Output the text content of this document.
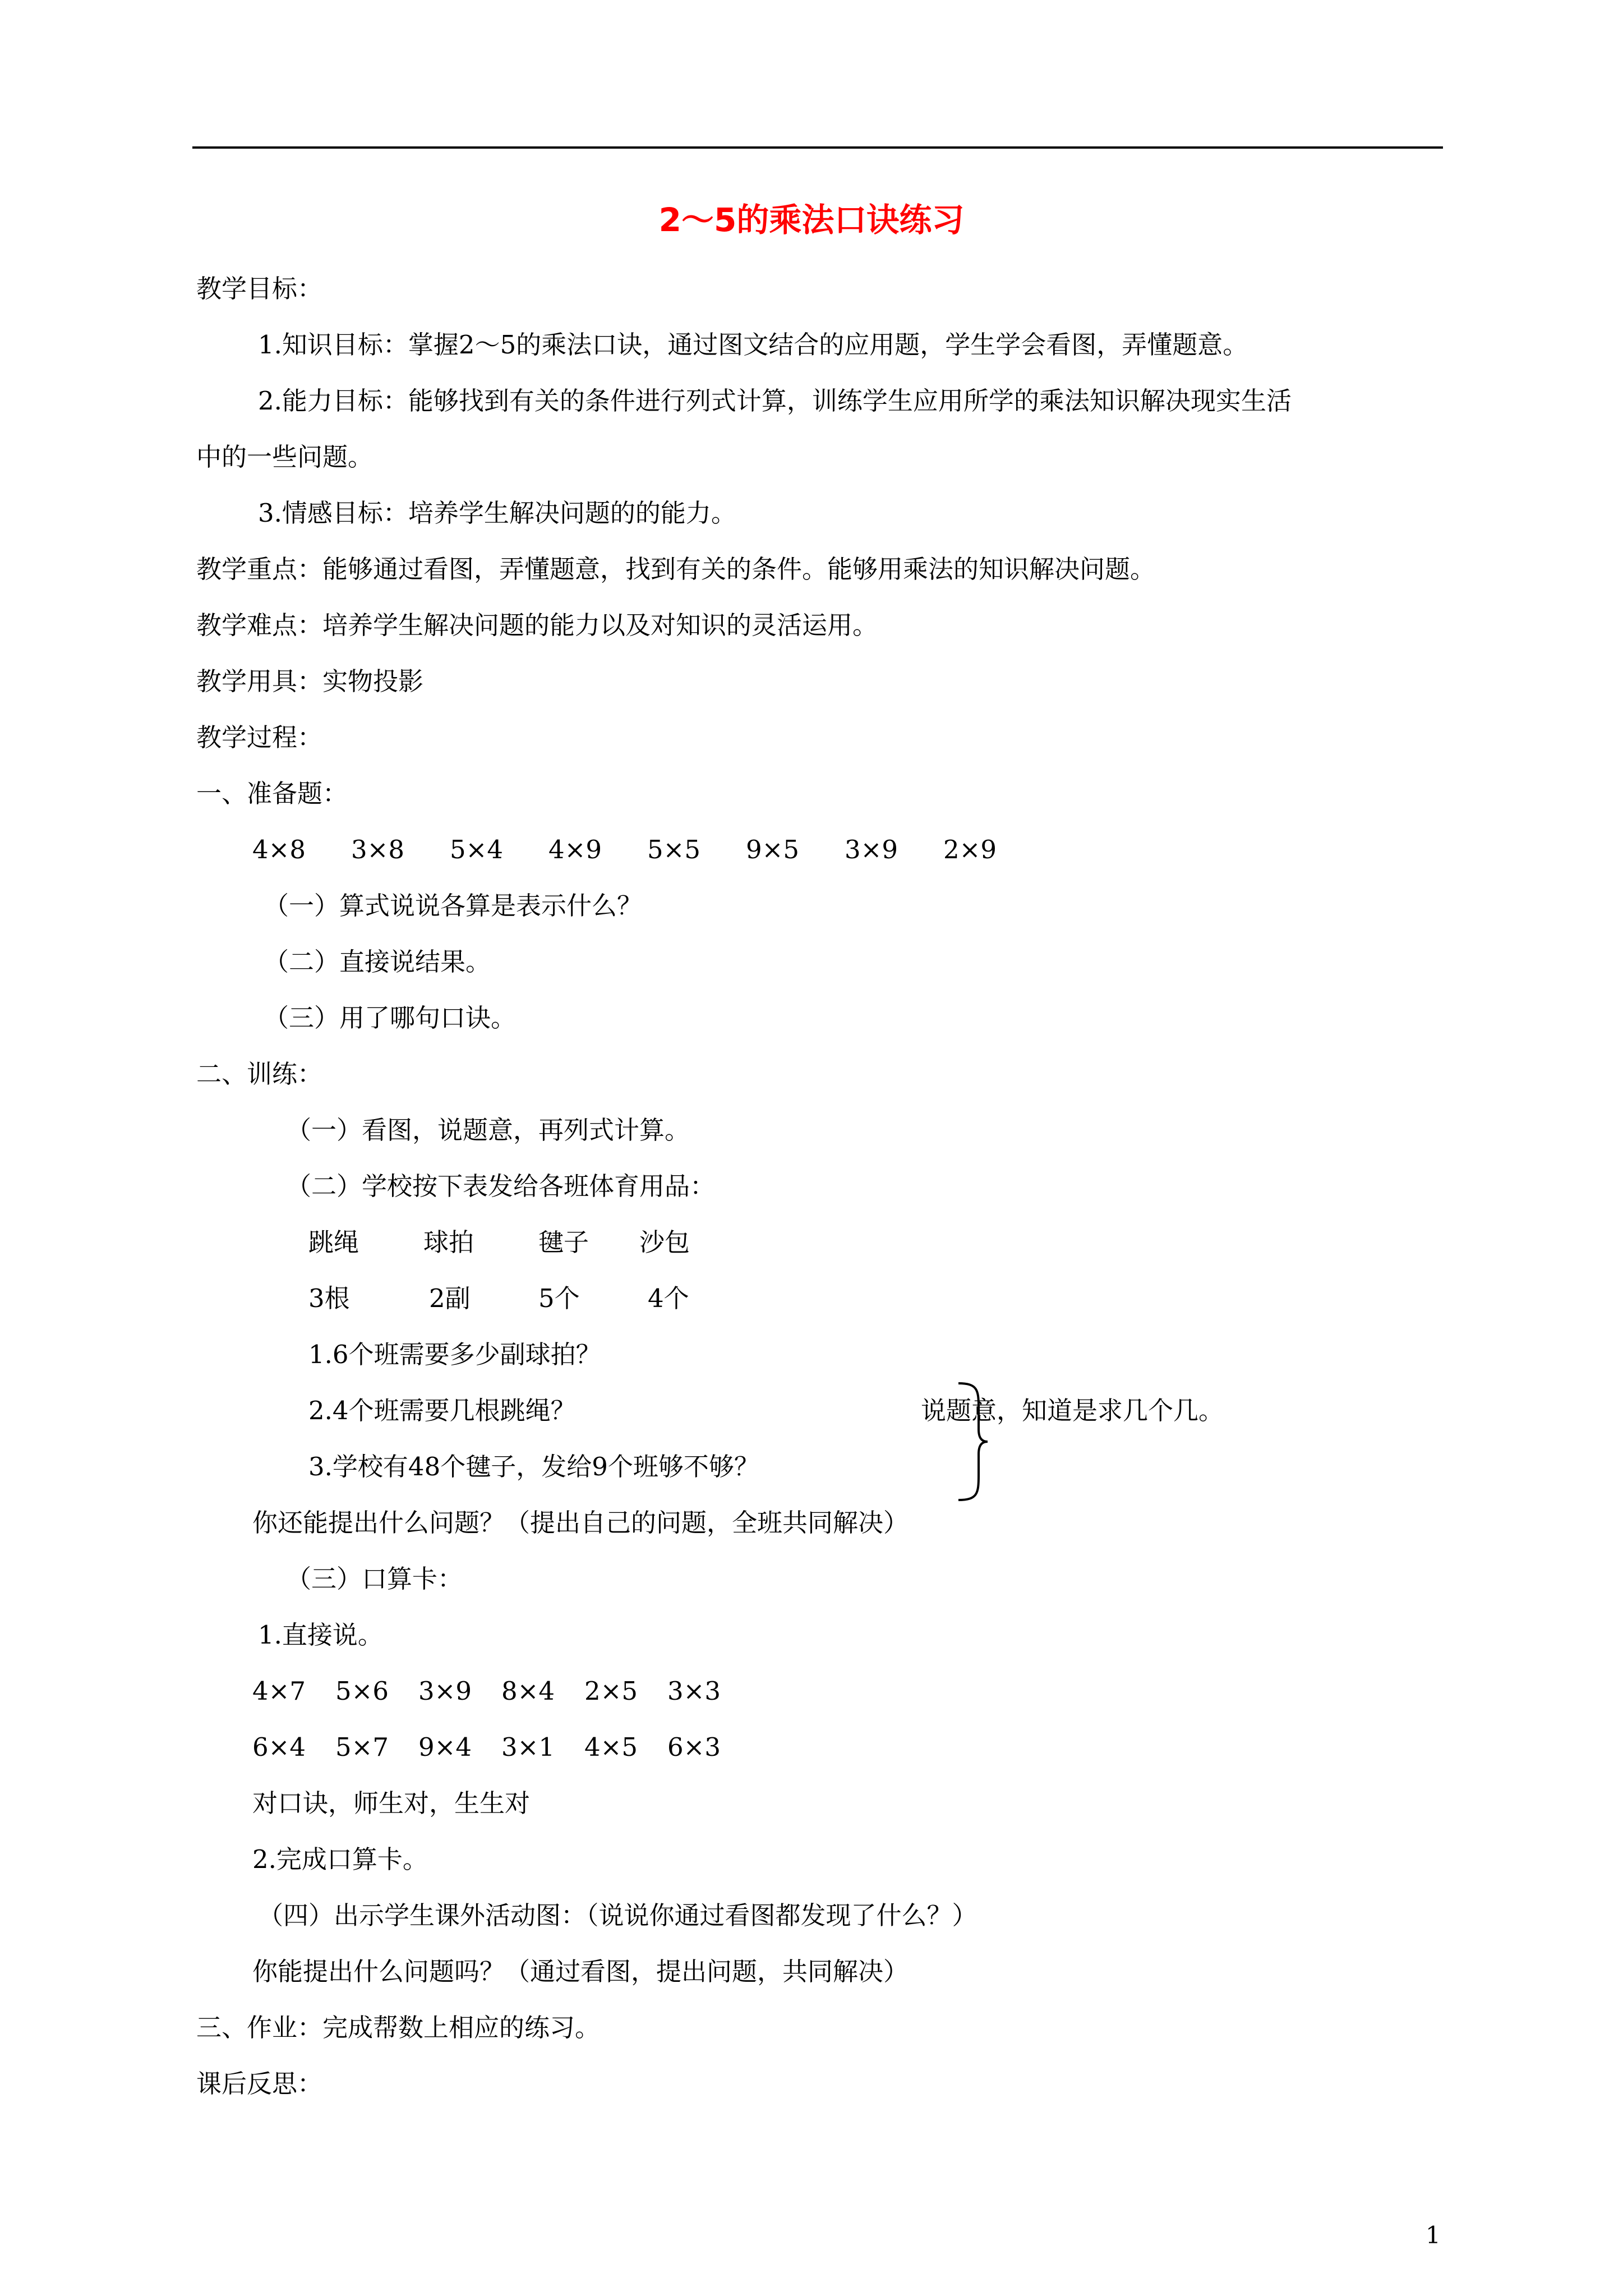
2～5的乘法口诀练习
教学目标：
1.知识目标：掌握2～5的乘法口诀，通过图文结合的应用题，学生学会看图，弄懂题意。
2.能力目标：能够找到有关的条件进行列式计算，训练学生应用所学的乘法知识解决现实生活
中的一些问题。
3.情感目标：培养学生解决问题的的能力。
教学重点：能够通过看图，弄懂题意，找到有关的条件。能够用乘法的知识解决问题。
教学难点：培养学生解决问题的能力以及对知识的灵活运用。
教学用具：实物投影
教学过程：
一、准备题：
4×8 3×8 5×4 4×9 5×5 9×5 3×9 2×9
（一）算式说说各算是表示什么？
（二）直接说结果。
（三）用了哪句口诀。
二、训练：
（一）看图，说题意，再列式计算。
（二）学校按下表发给各班体育用品：
跳绳	球拍	毽子 沙包
3根	2副	5个	4个
1.6个班需要多少副球拍？
2.4个班需要几根跳绳？
3.学校有48个毽子，发给9个班够不够？
说题意，知道是求几个几。
你还能提出什么问题？（提出自己的问题，全班共同解决）
（三）口算卡：
1.直接说。
4×7 5×6 3×9 8×4 2×5 3×3
6×4 5×7 9×4 3×1 4×5 6×3
对口诀，师生对，生生对
2.完成口算卡。
（四）出示学生课外活动图：（说说你通过看图都发现了什么？）
你能提出什么问题吗？（通过看图，提出问题，共同解决）
三、作业：完成帮数上相应的练习。
课后反思：
1
